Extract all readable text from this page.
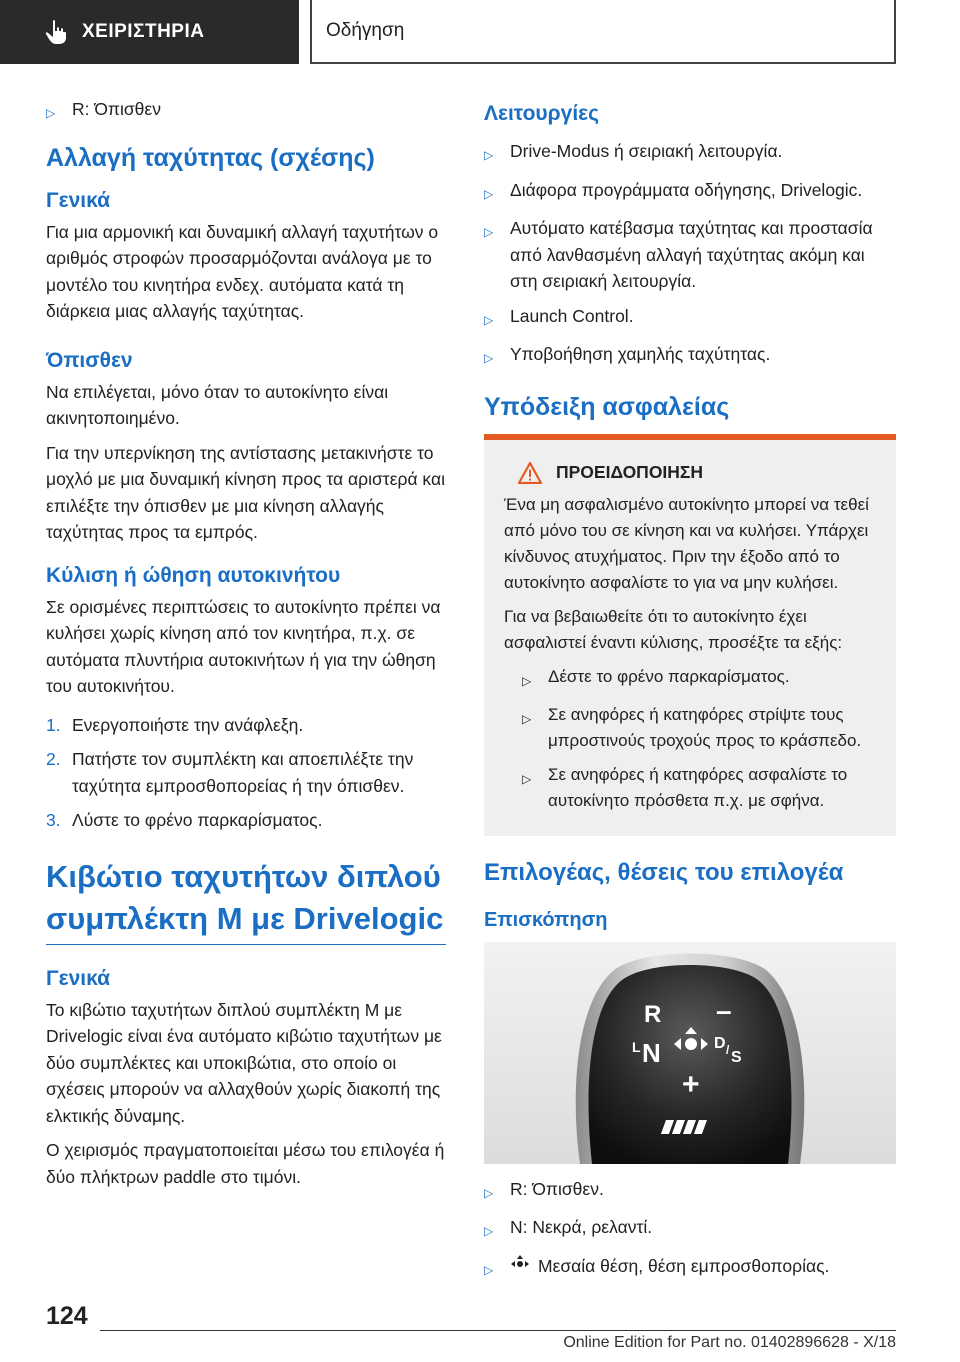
ΧΕΙΡΙΣΤΗΡΙΑ	Οδήγηση
▷ R: Όπισθεν
Αλλαγή ταχύτητας (σχέσης)
Γενικά

Για μια αρμονική και δυναμική αλλαγή ταχυτήτων ο αριθμός στροφών προσαρμόζονται ανάλογα με το μοντέλο του κινητήρα ενδεχ. αυτόματα κατά τη διάρκεια μιας αλλαγής ταχύτητας.

Όπισθεν

Να επιλέγεται, μόνο όταν το αυτοκίνητο είναι ακινητοποιημένο.

Για την υπερνίκηση της αντίστασης μετακινήστε το μοχλό με μια δυναμική κίνηση προς τα αριστερά και επιλέξτε την όπισθεν με μια κίνηση αλλαγής ταχύτητας προς τα εμπρός.

Κύλιση ή ώθηση αυτοκινήτου

Σε ορισμένες περιπτώσεις το αυτοκίνητο πρέπει να κυλήσει χωρίς κίνηση από τον κινητήρα, π.χ. σε αυτόματα πλυντήρια αυτοκινήτων ή για την ώθηση του αυτοκινήτου.

1. Ενεργοποιήστε την ανάφλεξη.
2. Πατήστε τον συμπλέκτη και αποεπιλέξτε την ταχύτητα εμπροσθοπορείας ή την όπισθεν.
3. Λύστε το φρένο παρκαρίσματος.
Κιβώτιο ταχυτήτων διπλού συμπλέκτη M με Drivelogic
Γενικά

Το κιβώτιο ταχυτήτων διπλού συμπλέκτη M με Drivelogic είναι ένα αυτόματο κιβώτιο ταχυτήτων με δύο συμπλέκτες και υποκιβώτια, στο οποίο οι σχέσεις μπορούν να αλλαχθούν χωρίς διακοπή της ελκτικής δύναμης.

Ο χειρισμός πραγματοποιείται μέσω του επιλογέα ή δύο πλήκτρων paddle στο τιμόνι.

Λειτουργίες
▷ Drive-Modus ή σειριακή λειτουργία.
▷ Διάφορα προγράμματα οδήγησης, Drivelogic.
▷ Αυτόματο κατέβασμα ταχύτητας και προστασία από λανθασμένη αλλαγή ταχύτητας ακόμη και στη σειριακή λειτουργία.
▷ Launch Control.
▷ Υποβοήθηση χαμηλής ταχύτητας.
Υπόδειξη ασφαλείας
ΠΡΟΕΙΔΟΠΟΙΗΣΗ

Ένα μη ασφαλισμένο αυτοκίνητο μπορεί να τεθεί από μόνο του σε κίνηση και να κυλήσει. Υπάρχει κίνδυνος ατυχήματος. Πριν την έξοδο από το αυτοκίνητο ασφαλίστε το για να μην κυλήσει.

Για να βεβαιωθείτε ότι το αυτοκίνητο έχει ασφαλιστεί έναντι κύλισης, προσέξτε τα εξής:

▷ Δέστε το φρένο παρκαρίσματος.
▷ Σε ανηφόρες ή κατηφόρες στρίψτε τους μπροστινούς τροχούς προς το κράσπεδο.
▷ Σε ανηφόρες ή κατηφόρες ασφαλίστε το αυτοκίνητο πρόσθετα π.χ. με σφήνα.
Επιλογέας, θέσεις του επιλογέα
Επισκόπηση
R –
L N	D / S
+
▷ R: Όπισθεν.
▷ N: Νεκρά, ρελαντί.
▷	Μεσαία θέση, θέση εμπροσθοπορίας.
124
Online Edition for Part no. 01402896628 - X/18
